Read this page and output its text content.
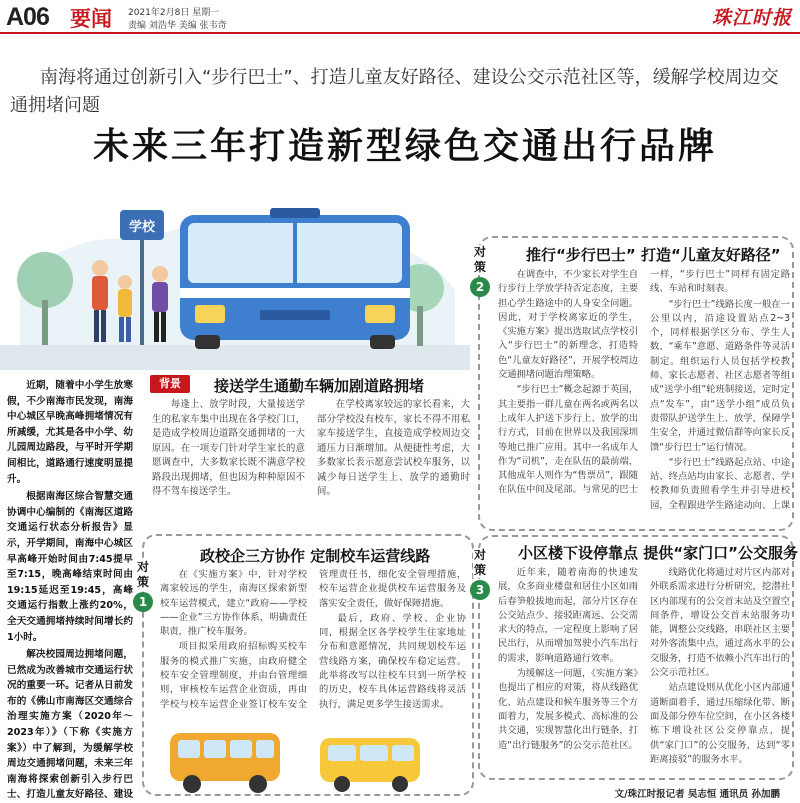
A06 要闻 2021年2月8日 星期一
责编 刘浩华 美编 张韦奇	珠江时报
南海将通过创新引入“步行巴士”、打造儿童友好路径、建设公交示范社区等，缓解学校周边交通拥堵问题
未来三年打造新型绿色交通出行品牌
学校

近期，随着中小学生放寒假，不少南海市民发现，南海中心城区早晚高峰拥堵情况有所减缓，尤其是各中小学、幼儿园周边路段，与平时开学期间相比，道路通行速度明显提升。

根据南海区综合智慧交通协调中心编制的《南海区道路交通运行状态分析报告》显示，开学期间，南海中心城区早高峰开始时间由7:45提早至7:15，晚高峰结束时间由19:15延迟至19:45，高峰交通运行指数上涨约20%，全天交通拥堵持续时间增长约1小时。

解决校园周边拥堵问题，已然成为改善城市交通运行状况的重要一环。记者从日前发布的《佛山市南海区交通综合治理实施方案（2020年～2023年）》（下称《实施方案》）中了解到，为缓解学校周边交通拥堵问题，未来三年南海将探索创新引入步行巴士、打造儿童友好路径、建设

背景	接送学生通勤车辆加剧道路拥堵

每逢上、放学时段，大量接送学生的私家车集中出现在各学校门口，是造成学校周边道路交通拥堵的一大原因。在一项专门针对学生家长的意愿调查中，大多数家长既不满意学校路段出现拥堵，但也因为种种原因不得不驾车接送学生。

在学校离家较远的家长看来，大部分学校没有校车，家长不得不用私家车接送学生，直接造成学校周边交通压力日渐增加。从便捷性考虑，大多数家长表示愿意尝试校车服务，以减少每日送学生上、放学的通勤时间。

对策
1
政校企三方协作 定制校车运营线路

在《实施方案》中，针对学校离家较远的学生，南海区探索新型校车运营模式，建立“政府——学校——企业”三方协作体系，明确责任职责，推广校车服务。

项目拟采用政府招标购买校车服务的模式推广实施，由政府健全校车安全管理制度，并由台管理细则，审核校车运营企业资质，再由学校与校车运营企业签订校车安全管理责任书，细化安全管理措施，校车运营企业提供校车运营服务及落实安全责任，做好保障措施。

最后，政府、学校、企业协同，根据全区各学校学生住家地址分布和意愿情况，共同规划校车运营线路方案，确保校车稳定运营。此举将改写以往校车只到一所学校的历史，校车具体运营路线将灵活执行，满足更多学生接送需求。

对策
2
推行“步行巴士” 打造“儿童友好路径”

在调查中，不少家长对学生自行步行上学放学持否定态度，主要担心学生路途中的人身安全问题。因此，对于学校离家近的学生，《实施方案》提出选取试点学校引入“步行巴士”的新理念，打造特色“儿童友好路径”，开展学校周边交通拥堵问题治理策略。

“步行巴士”概念起源于英国，其主要指一群儿童在两名或两名以上成年人护送下步行上、放学的出行方式，目前在世界以及我国深圳等地已推广应用。其中一名成年人作为“司机”，走在队伍的最前端，其他成年人则作为“售票员”，跟随在队伍中间及尾部。与常见的巴士一样，“步行巴士”同样有固定路线、车站和时刻表。

“步行巴士”线路长度一般在一公里以内，沿途设置站点2~3个，同样根据学区分布、学生人数、“乘车”意愿、道路条件等灵活制定。组织运行人员包括学校教师、家长志愿者、社区志愿者等组成“送学小组”轮班制接送，定时定点“发车”，由“送学小组”成员负责带队护送学生上、放学，保障学生安全，并通过微信群等向家长反馈“步行巴士”运行情况。

“步行巴士”线路起点站、中途站、终点站均由家长、志愿者、学校教师负责照看学生并引导进校园，全程跟进学生路途动向、上课

对策
3
小区楼下设停靠点 提供“家门口”公交服务

近年来，随着南海的快速发展，众多商业楼盘和居住小区如雨后春笋般拔地而起，部分片区存在公交站点少、接驳距离远、公交需求大的特点，一定程度上影响了居民出行，从而增加驾驶小汽车出行的需求，影响道路通行效率。

为缓解这一问题，《实施方案》也提出了相应的对策，将从线路优化、站点建设和候车服务等三个方面着力，发展多模式、高标准的公共交通，实现智慧化出行链条，打造“出行链服务”的公交示范社区。

线路优化将通过对片区内部对外联系需求进行分析研究，挖潜社区内部现有的公交首末站及空置空间条件，增设公交首末站服务功能，调整公交线路，串联社区主要对外客流集中点，通过高水平的公交服务，打造不依赖小汽车出行的公交示范社区。

站点建设则从优化小区内部通道断面着手，通过压缩绿化带、断面及部分停车位空间，在小区各楼栋下增设社区公交停靠点，提供“家门口”的公交服务，达到“零距离接驳”的服务水平。

文/珠江时报记者 吴志恒 通讯员 孙加鹏
